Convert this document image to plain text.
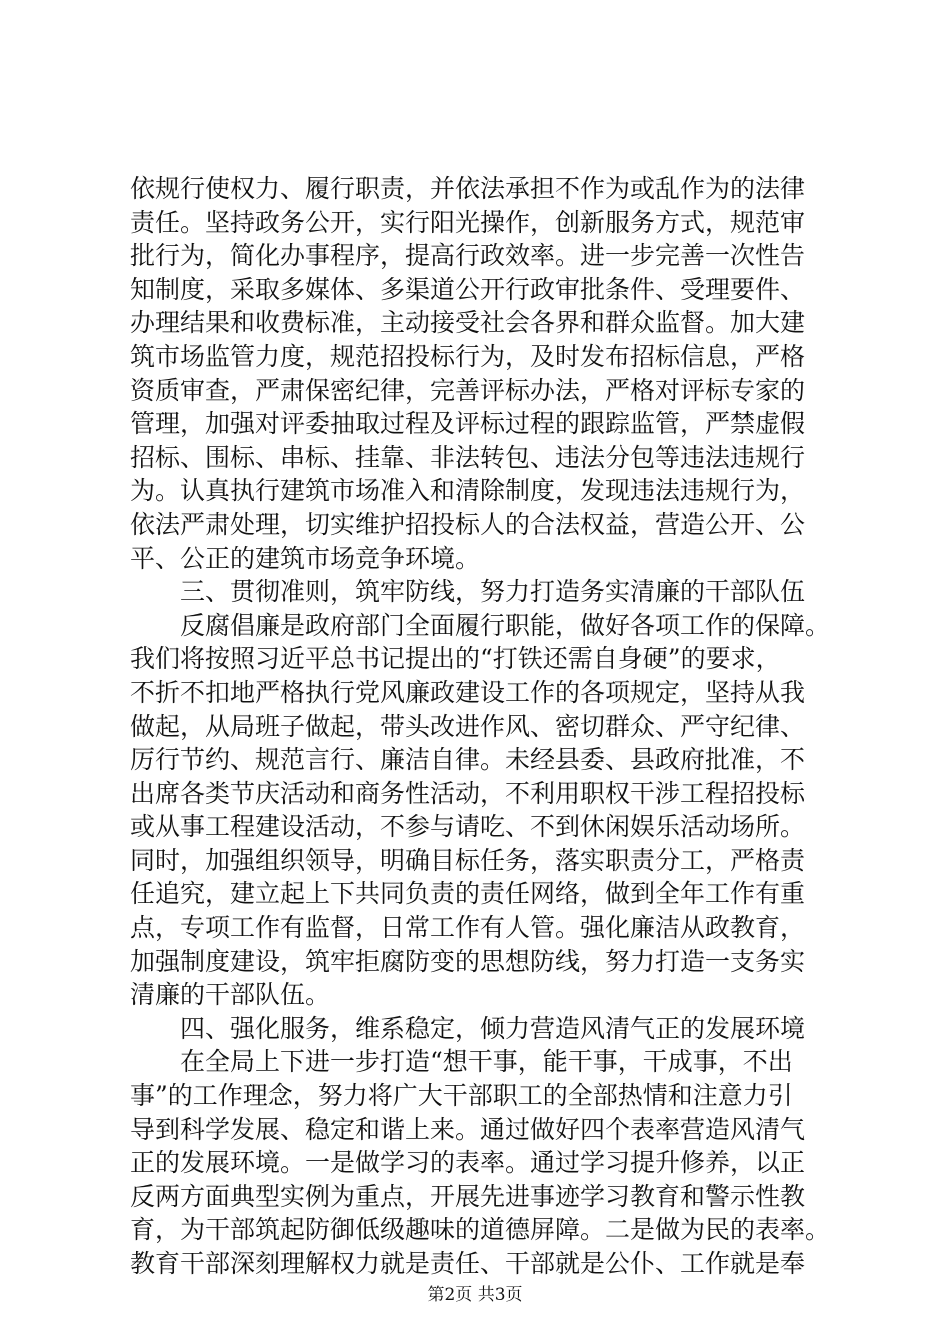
依规行使权力、履行职责，并依法承担不作为或乱作为的法律
责任。坚持政务公开，实行阳光操作，创新服务方式，规范审
批行为，简化办事程序，提高行政效率。进一步完善一次性告
知制度，采取多媒体、多渠道公开行政审批条件、受理要件、
办理结果和收费标准，主动接受社会各界和群众监督。加大建
筑市场监管力度，规范招投标行为，及时发布招标信息，严格
资质审查，严肃保密纪律，完善评标办法，严格对评标专家的
管理，加强对评委抽取过程及评标过程的跟踪监管，严禁虚假
招标、围标、串标、挂靠、非法转包、违法分包等违法违规行
为。认真执行建筑市场准入和清除制度，发现违法违规行为，
依法严肃处理，切实维护招投标人的合法权益，营造公开、公
平、公正的建筑市场竞争环境。
　　三、贯彻准则，筑牢防线，努力打造务实清廉的干部队伍
　　反腐倡廉是政府部门全面履行职能，做好各项工作的保障。
我们将按照习近平总书记提出的“打铁还需自身硬”的要求，
不折不扣地严格执行党风廉政建设工作的各项规定，坚持从我
做起，从局班子做起，带头改进作风、密切群众、严守纪律、
厉行节约、规范言行、廉洁自律。未经县委、县政府批准，不
出席各类节庆活动和商务性活动，不利用职权干涉工程招投标
或从事工程建设活动，不参与请吃、不到休闲娱乐活动场所。
同时，加强组织领导，明确目标任务，落实职责分工，严格责
任追究，建立起上下共同负责的责任网络，做到全年工作有重
点，专项工作有监督，日常工作有人管。强化廉洁从政教育，
加强制度建设，筑牢拒腐防变的思想防线，努力打造一支务实
清廉的干部队伍。
　　四、强化服务，维系稳定，倾力营造风清气正的发展环境
　　在全局上下进一步打造“想干事，能干事，干成事，不出
事”的工作理念，努力将广大干部职工的全部热情和注意力引
导到科学发展、稳定和谐上来。通过做好四个表率营造风清气
正的发展环境。一是做学习的表率。通过学习提升修养，以正
反两方面典型实例为重点，开展先进事迹学习教育和警示性教
育，为干部筑起防御低级趣味的道德屏障。二是做为民的表率。
教育干部深刻理解权力就是责任、干部就是公仆、工作就是奉
第2页 共3页
